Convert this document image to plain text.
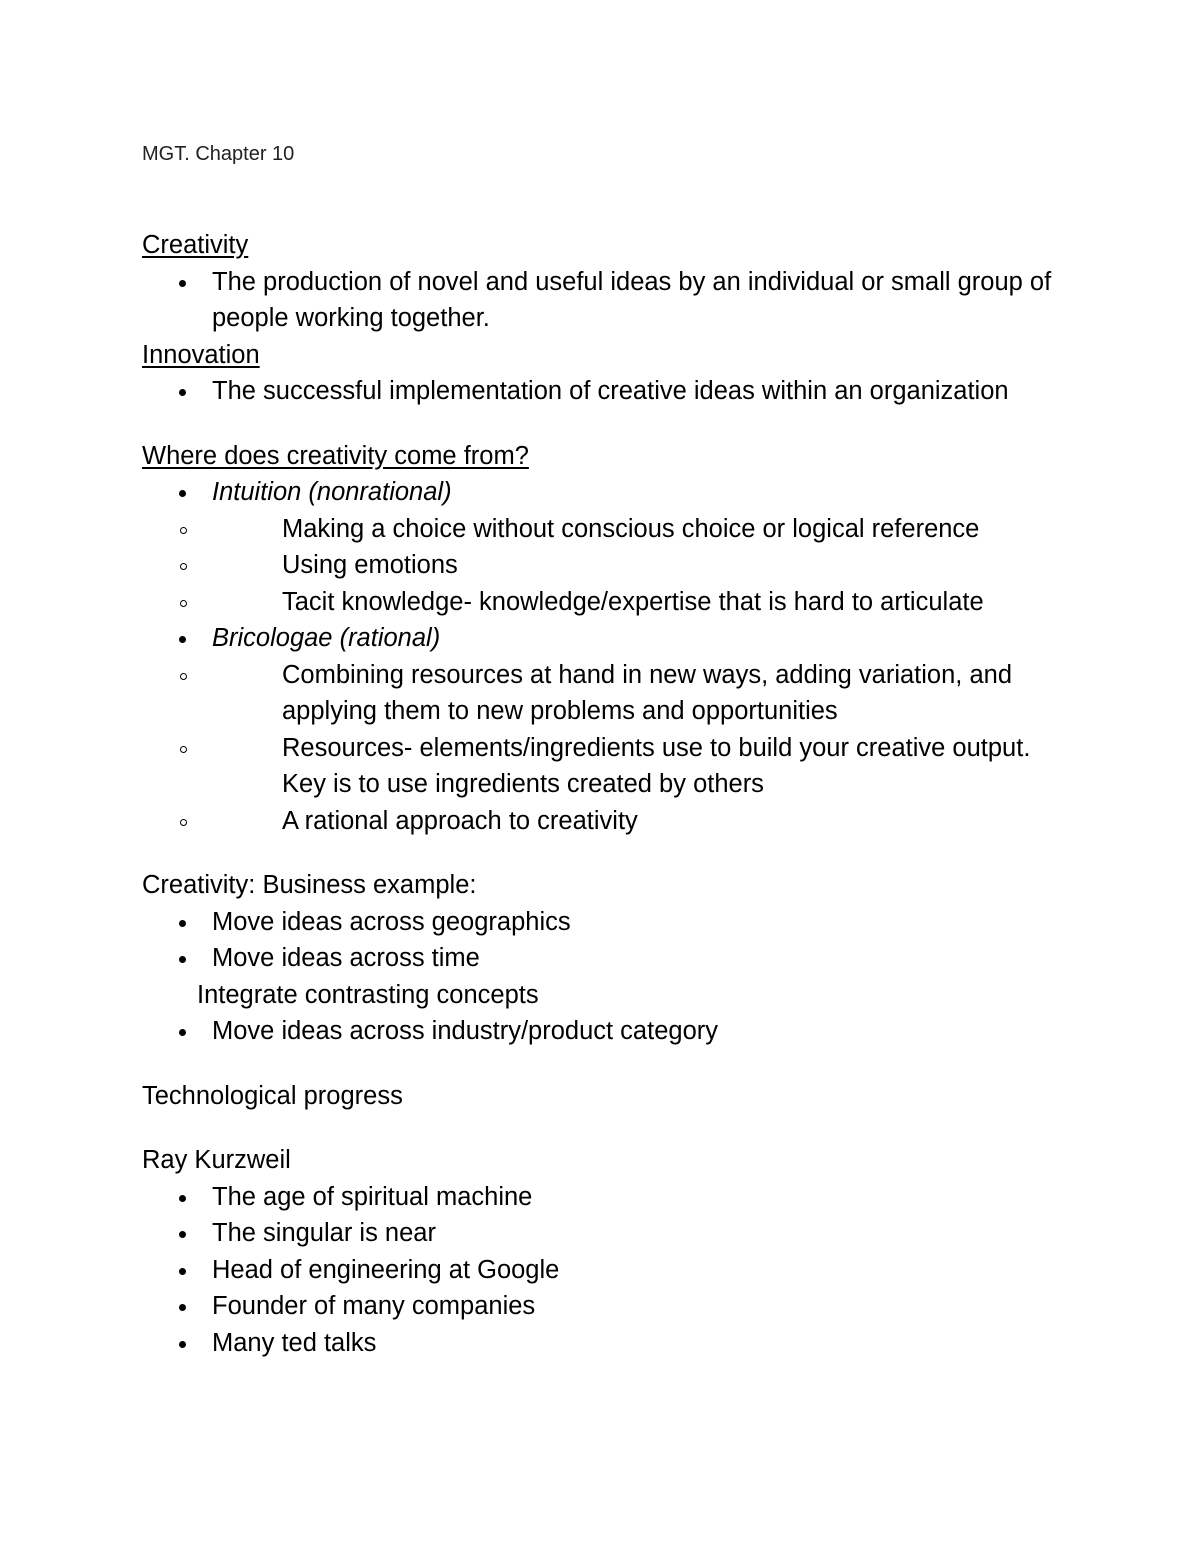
MGT. Chapter 10
Creativity
The production of novel and useful ideas by an individual or small group of people working together.
Innovation
The successful implementation of creative ideas within an organization
Where does creativity come from?
Intuition (nonrational)
Making a choice without conscious choice or logical reference
Using emotions
Tacit knowledge- knowledge/expertise that is hard to articulate
Bricologae (rational)
Combining resources at hand in new ways, adding variation, and applying them to new problems and opportunities
Resources- elements/ingredients use to build your creative output. Key is to use ingredients created by others
A rational approach to creativity
Creativity: Business example:
Move ideas across geographics
Move ideas across time
Integrate contrasting concepts
Move ideas across industry/product category
Technological progress
Ray Kurzweil
The age of spiritual machine
The singular is near
Head of engineering at Google
Founder of many companies
Many ted talks
